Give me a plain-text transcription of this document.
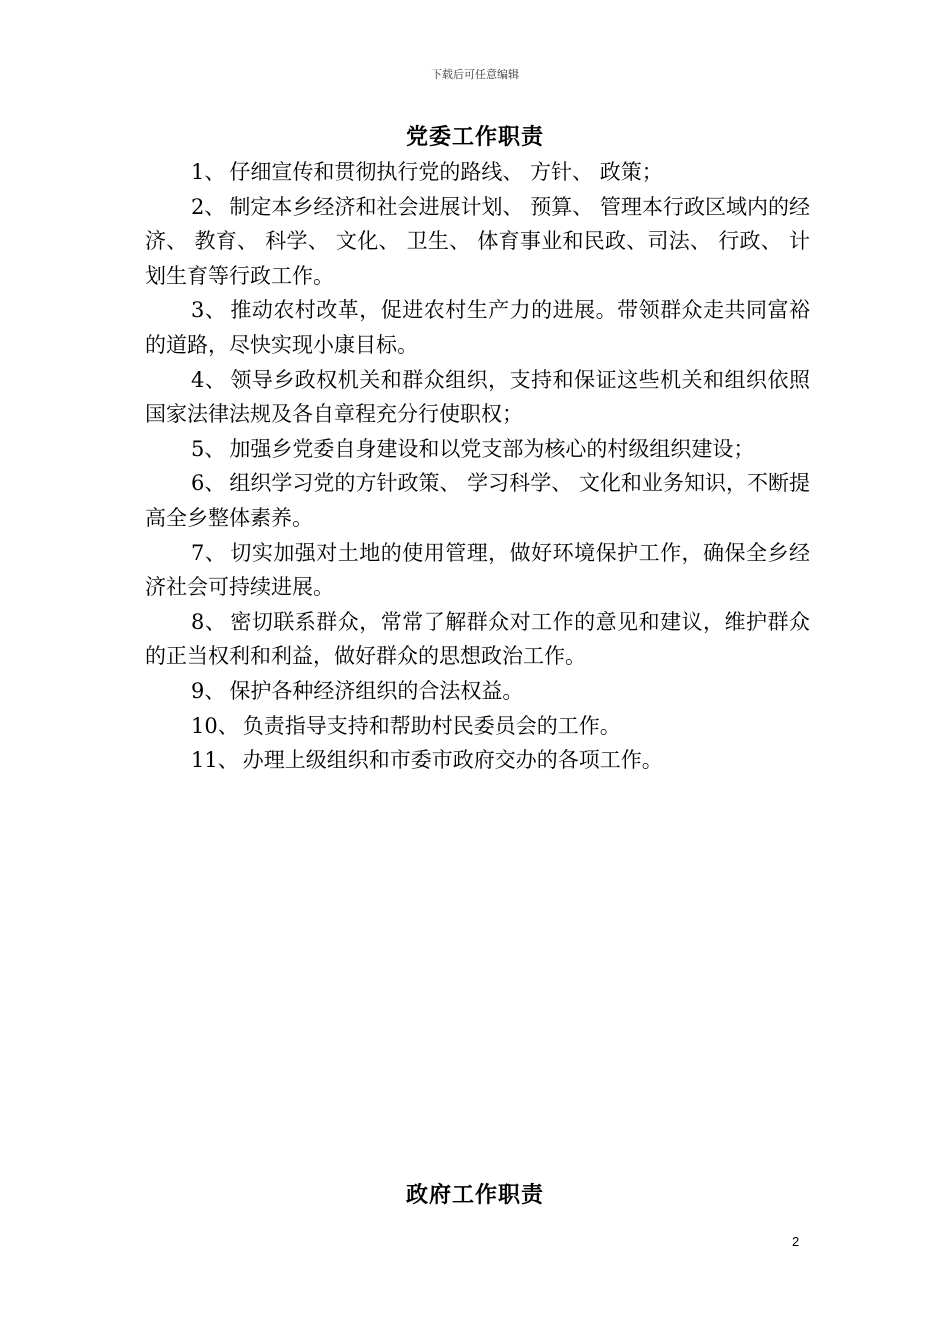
下载后可任意编辑
党委工作职责

1、 仔细宣传和贯彻执行党的路线、 方针、 政策；

2、 制定本乡经济和社会进展计划、 预算、 管理本行政区域内的经济、 教育、 科学、 文化、 卫生、 体育事业和民政、司法、 行政、 计划生育等行政工作。

3、 推动农村改革，促进农村生产力的进展。带领群众走共同富裕的道路，尽快实现小康目标。

4、 领导乡政权机关和群众组织，支持和保证这些机关和组织依照国家法律法规及各自章程充分行使职权；

5、 加强乡党委自身建设和以党支部为核心的村级组织建设；

6、 组织学习党的方针政策、 学习科学、 文化和业务知识，不断提高全乡整体素养。

7、 切实加强对土地的使用管理，做好环境保护工作，确保全乡经济社会可持续进展。

8、 密切联系群众，常常了解群众对工作的意见和建议，维护群众的正当权利和利益，做好群众的思想政治工作。

9、 保护各种经济组织的合法权益。

10、 负责指导支持和帮助村民委员会的工作。

11、 办理上级组织和市委市政府交办的各项工作。

政府工作职责
2
